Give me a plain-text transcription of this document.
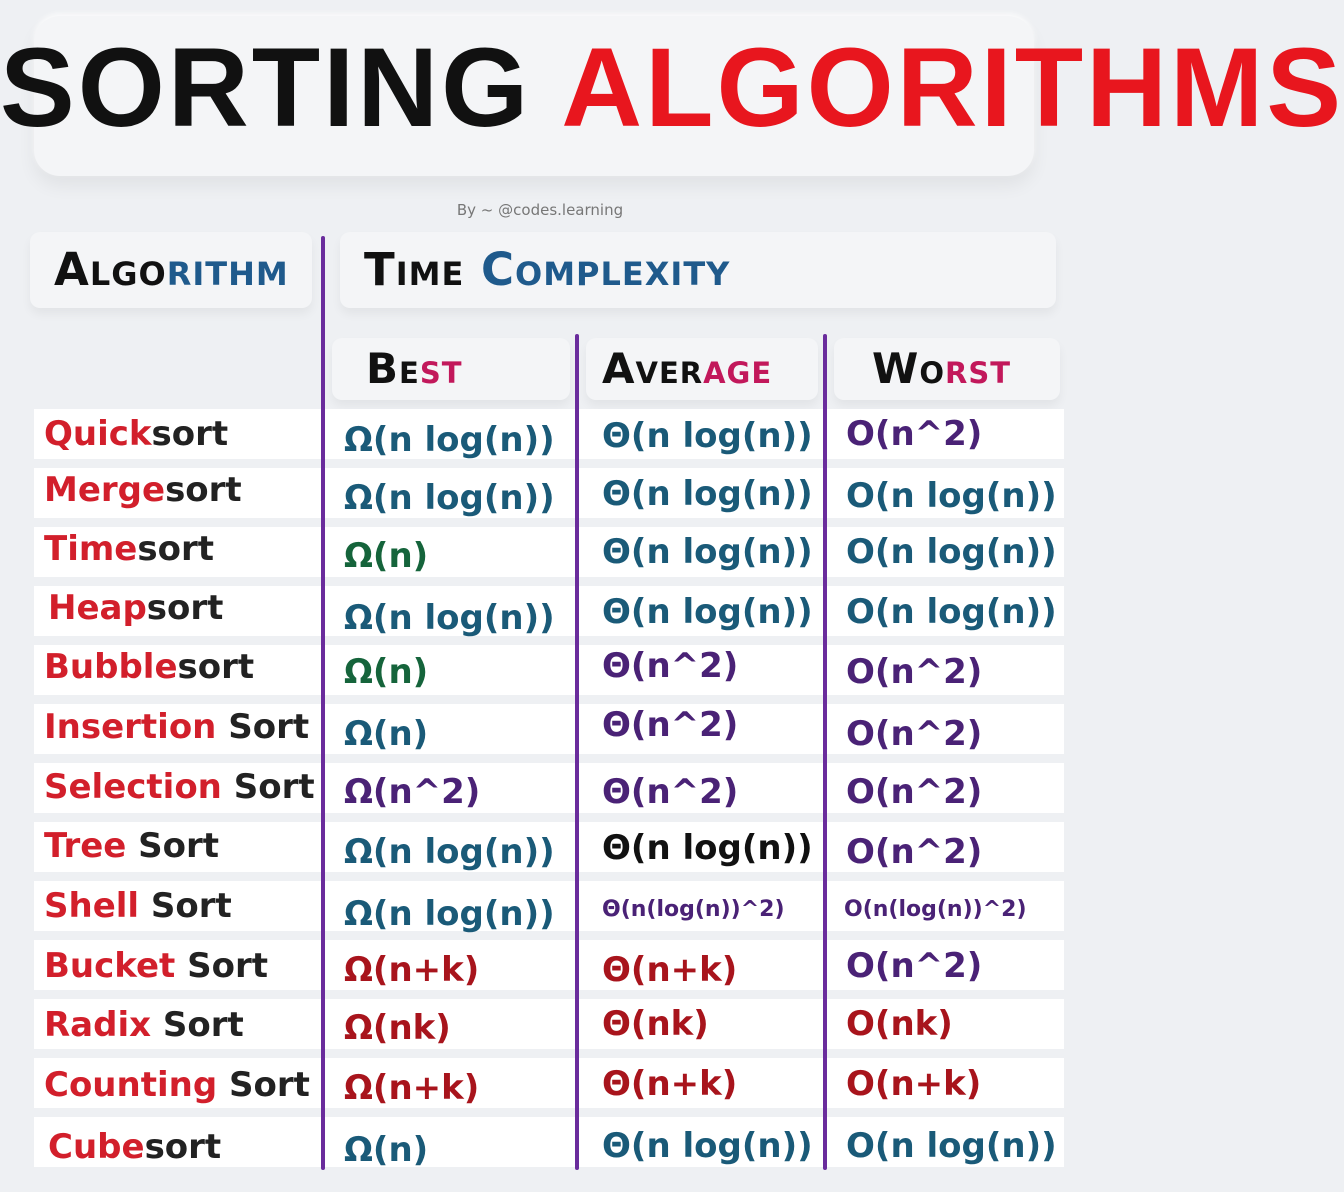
SORTING ALGORITHMS
By ~ @codes.learning
Algorithm Time Complexity
Best	Average Worst
Quicksort	Ω(n log(n)) Θ(n log(n)) O(n^2)
Mergesort	Ω(n log(n)) Θ(n log(n)) O(n log(n))
Timesort	Ω(n)	Θ(n log(n)) O(n log(n))
Heapsort	Ω(n log(n)) Θ(n log(n)) O(n log(n))
Bubblesort	Ω(n)	Θ(n^2)	O(n^2)
Insertion Sort Ω(n)	Θ(n^2)	O(n^2)
Selection Sort Ω(n^2)	Θ(n^2)	O(n^2)
Tree Sort	Ω(n log(n)) Θ(n log(n)) O(n^2)
Shell Sort	Ω(n log(n)) Θ(n(log(n))^2)	O(n(log(n))^2)
Bucket Sort Ω(n+k)	Θ(n+k)	O(n^2)
Radix Sort	Ω(nk)	Θ(nk)	O(nk)
Counting Sort Ω(n+k)	Θ(n+k)	O(n+k)
Cubesort	Ω(n)	Θ(n log(n)) O(n log(n))
